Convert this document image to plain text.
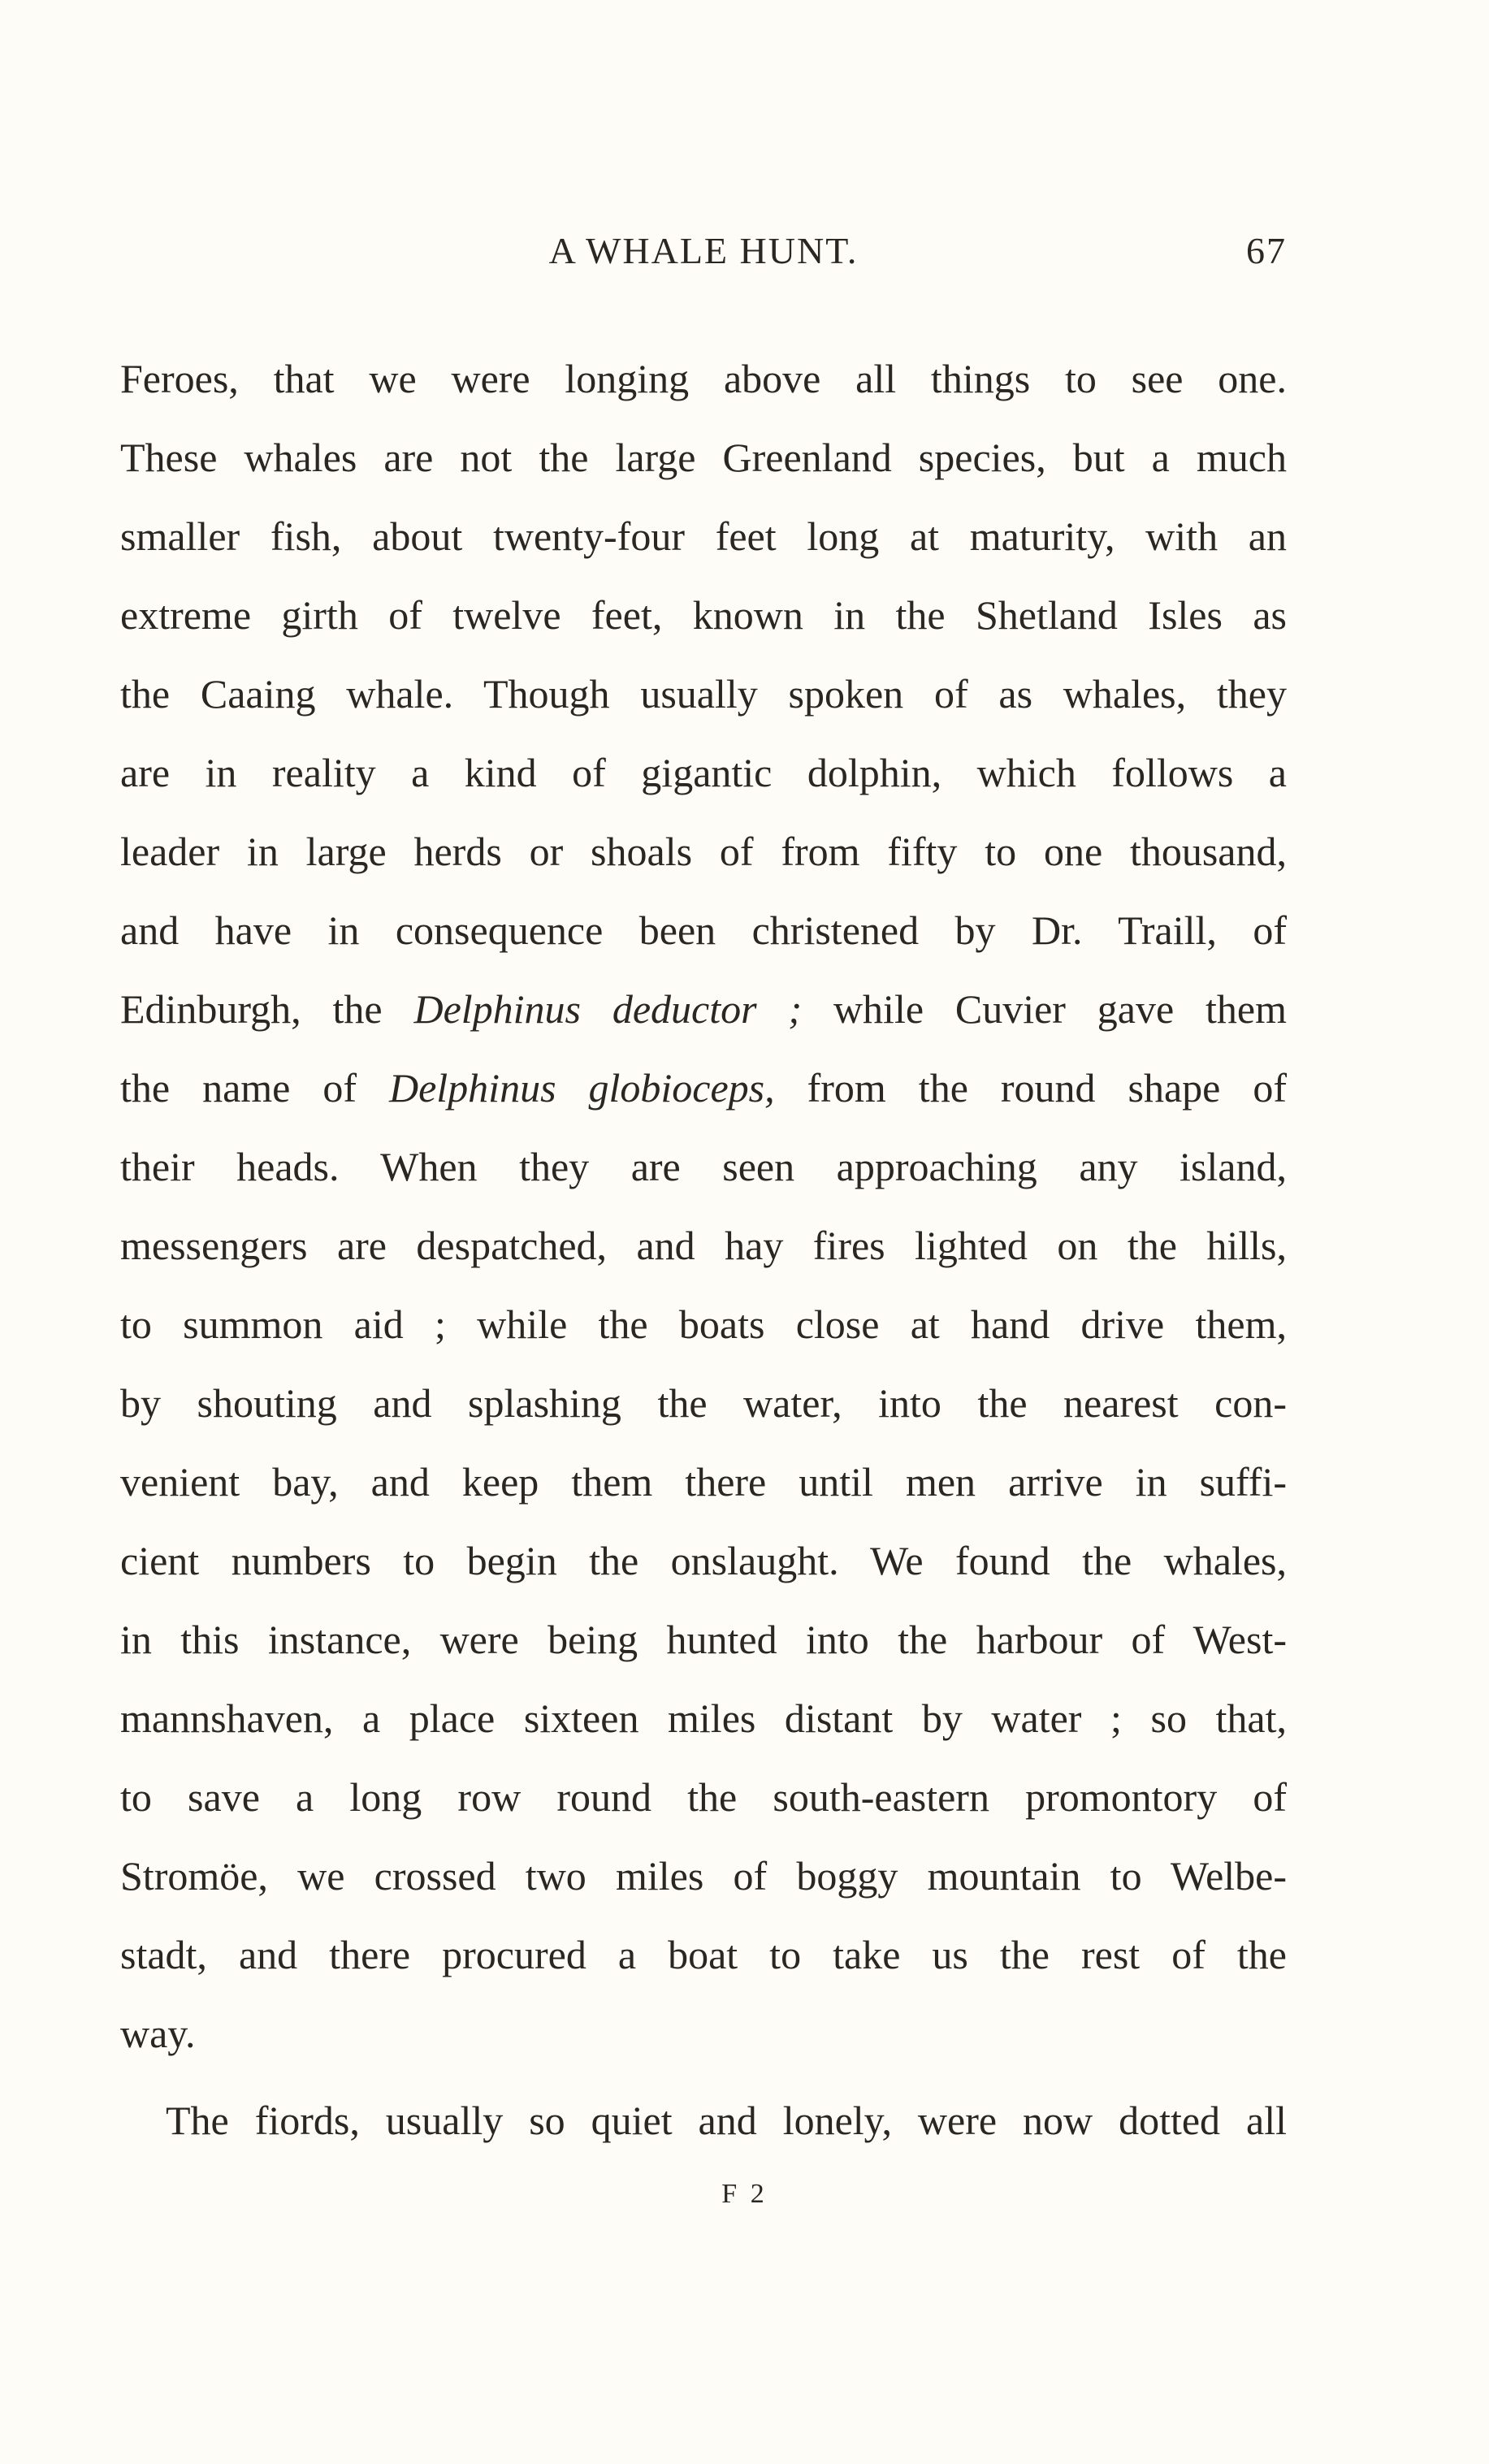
A WHALE HUNT.	67
Feroes, that we were longing above all things to see one.
These whales are not the large Greenland species, but a much
smaller fish, about twenty-four feet long at maturity, with an
extreme girth of twelve feet, known in the Shetland Isles as
the Caaing whale. Though usually spoken of as whales, they
are in reality a kind of gigantic dolphin, which follows a
leader in large herds or shoals of from fifty to one thousand,
and have in consequence been christened by Dr. Traill, of
Edinburgh, the Delphinus deductor ; while Cuvier gave them
the name of Delphinus globioceps, from the round shape of
their heads. When they are seen approaching any island,
messengers are despatched, and hay fires lighted on the hills,
to summon aid ; while the boats close at hand drive them,
by shouting and splashing the water, into the nearest con-
venient bay, and keep them there until men arrive in suffi-
cient numbers to begin the onslaught. We found the whales,
in this instance, were being hunted into the harbour of West-
mannshaven, a place sixteen miles distant by water ; so that,
to save a long row round the south-eastern promontory of
Stromöe, we crossed two miles of boggy mountain to Welbe-
stadt, and there procured a boat to take us the rest of the
way.
The fiords, usually so quiet and lonely, were now dotted all
F 2
